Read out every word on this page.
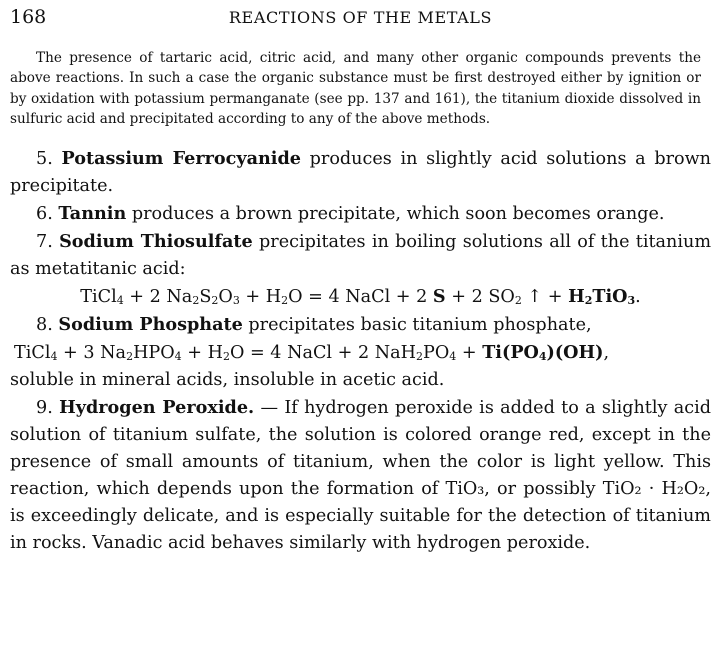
168	REACTIONS OF THE METALS

The presence of tartaric acid, citric acid, and many other organic compounds prevents the above reactions. In such a case the organic substance must be first destroyed either by ignition or by oxidation with potassium permanganate (see pp. 137 and 161), the titanium dioxide dissolved in sulfuric acid and precipitated according to any of the above methods.

5. Potassium Ferrocyanide produces in slightly acid solutions a brown precipitate.

6. Tannin produces a brown precipitate, which soon becomes orange.

7. Sodium Thiosulfate precipitates in boiling solutions all of the titanium as metatitanic acid:

TiCl$_4$ + 2 $Na_2S_2O_3 + H_2O = 4$ NaCl + 2 S + 2 $SO_2$ ↑ + $H_2TiO_3$.

8. Sodium Phosphate precipitates basic titanium phosphate,

TiCl$_4$ + 3 $Na_2HPO_4 + H_2O = 4$ NaCl + 2 $NaH_2PO_4 + Ti(PO_4)(OH)$,

soluble in mineral acids, insoluble in acetic acid.

9. Hydrogen Peroxide. — If hydrogen peroxide is added to a slightly acid solution of titanium sulfate, the solution is colored orange red, except in the presence of small amounts of titanium, when the color is light yellow. This reaction, which depends upon the formation of TiO₃, or possibly TiO₂ · H₂O₂, is exceedingly delicate, and is especially suitable for the detection of titanium in rocks. Vanadic acid behaves similarly with hydrogen peroxide.
